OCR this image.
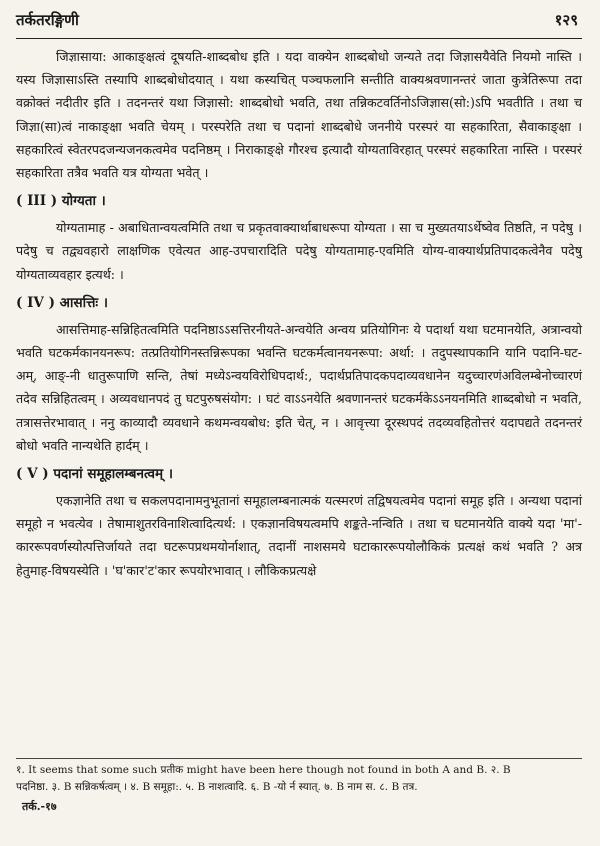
तर्कतरङ्गिणी	१२९

जिज्ञासाया: आकाङ्क्षत्वं दूषयति-शाब्दबोध इति । यदा वाक्येन शाब्दबोधो जन्यते तदा जिज्ञासयैवेति नियमो नास्ति । यस्य जिज्ञासाऽस्ति तस्यापि शाब्दबोधोदयात् । यथा कस्यचित् पञ्चफलानि सन्तीति वाक्यश्रवणानन्तरं जाता कुत्रेतिरूपा तदा वक्रोक्तं नदीतीर इति । तदनन्तरं यथा जिज्ञासो: शाब्दबोधो भवति, तथा तन्निकटवर्तिनोऽजिज्ञास(सो:)ऽपि भवतीति । तथा च जिज्ञा(सा)त्वं नाकाङ्क्षा भवति चेयम् । परस्परेति तथा च पदानां शाब्दबोधे जननीये परस्परं या सहकारिता, सैवाकाङ्क्षा । सहकारित्वं स्वेतरपदजन्यजनकत्वमेव पदनिष्ठम् । निराकाङ्क्षे गौरश्च इत्यादौ योग्यताविरहात् परस्परं सहकारिता नास्ति । परस्परं सहकारिता तत्रैव भवति यत्र योग्यता भवेत् ।

( III ) योग्यता ।

योग्यतामाह - अबाधितान्वयत्वमिति तथा च प्रकृतवाक्यार्थाबाधरूपा योग्यता । सा च मुख्यतयाऽर्थेष्वेव तिष्ठति, न पदेषु । पदेषु च तद्व्यवहारो लाक्षणिक एवेत्यत आह-उपचारादिति पदेषु योग्यतामाह-एवमिति योग्य-वाक्यार्थप्रतिपादकत्वेनैव पदेषु योग्यताव्यवहार इत्यर्थ: ।

( IV ) आसत्तिः ।

आसत्तिमाह-सन्निहितत्वमिति पदनिष्ठाऽऽसत्तिरनीयते-अन्वयेति अन्वय प्रतियोगिनः ये पदार्था यथा घटमानयेति, अत्रान्वयो भवति घटकर्मकानयनरूप: तत्प्रतियोगिनस्तन्निरूपका भवन्ति घटकर्मत्वानयनरूपा: अर्था: । तदुपस्थापकानि यानि पदानि-घट-अम्, आङ्-नी धातुरूपाणि सन्ति, तेषां मध्येऽन्वयविरोधिपदार्थ:, पदार्थप्रतिपादकपदाव्यवधानेन यदुच्चारणंअविलम्बेनोच्चारणं तदेव सन्निहितत्वम् । अव्यवधानपदं तु घटपुरुषसंयोग: । घटं वाऽऽनयेति श्रवणानन्तरं घटकर्मकेऽऽनयनमिति शाब्दबोधो न भवति, तत्रासत्तेरभावात् । ननु काव्यादौ व्यवधाने कथमन्वयबोध: इति चेत्, न । आवृत्त्या दूरस्थपदं तदव्यवहितोत्तरं यदापद्यते तदनन्तरं बोधो भवति नान्यथेति हार्दम् ।

( V ) पदानां समूहालम्बनत्वम् ।

एकज्ञानेति तथा च सकलपदानामनुभूतानां समूहालम्बनात्मकं यत्स्मरणं तद्विषयत्वमेव पदानां समूह इति । अन्यथा पदानां समूहो न भवत्येव । तेषामाशुतरविनाशित्वादित्यर्थ: । एकज्ञानविषयत्वमपि शङ्कते-नन्विति । तथा च घटमानयेति वाक्ये यदा 'मा'-काररूपवर्णस्योत्पत्तिर्जायते तदा घटरूपप्रथमयोर्नाशात्, तदानीं नाशसमये घटाकाररूपयोलौकिकं प्रत्यक्षं कथं भवति ? अत्र हेतुमाह-विषयस्येति । 'घ'कार'ट'कार रूपयोरभावात् । लौकिकप्रत्यक्षे

१. It seems that some such प्रतीक might have been here though not found in both A and B. २. B

पदनिष्ठा. ३. B सन्निकर्षत्वम् । ४. B समूहा:. ५. B नाशत्वादि. ६. B -यो र्न स्यात्. ७. B नाम स. ८. B तत्र.

तर्क.-१७
